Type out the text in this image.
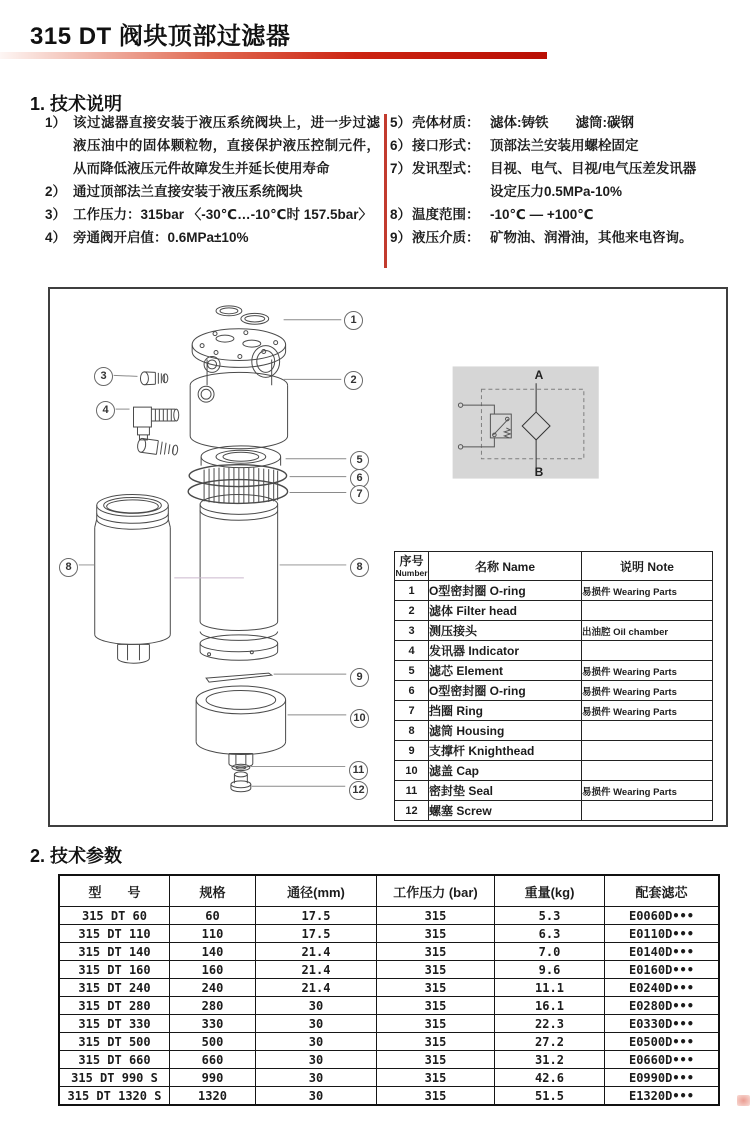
315 DT 阀块顶部过滤器
1. 技术说明
1） 该过滤器直接安装于液压系统阀块上，进一步过滤液压油中的固体颗粒物，直接保护液压控制元件，从而降低液压元件故障发生并延长使用寿命
2） 通过顶部法兰直接安装于液压系统阀块
3） 工作压力：315bar 〈-30℃…-10℃时 157.5bar〉
4） 旁通阀开启值：0.6MPa±10%
5） 壳体材质： 滤体:铸铁　　滤筒:碳钢
6） 接口形式： 顶部法兰安装用螺栓固定
7） 发讯型式： 目视、电气、目视/电气压差发讯器
设定压力0.5MPa-10%
8） 温度范围： -10℃ — +100℃
9） 液压介质： 矿物油、润滑油，其他来电咨询。
A
B
1
2
3
4
5
6
7
8	8
9
10
11
12
序号
Number	名称 Name	说明 Note
1	O型密封圈 O-ring	易损件 Wearing Parts
2	滤体 Filter head	
3	测压接头	出油腔 Oil chamber
4	发讯器 Indicator	
5	滤芯 Element	易损件 Wearing Parts
6	O型密封圈 O-ring	易损件 Wearing Parts
7	挡圈 Ring	易损件 Wearing Parts
8	滤筒 Housing	
9	支撑杆 Knighthead	
10	滤盖 Cap	
11	密封垫 Seal	易损件 Wearing Parts
12	螺塞 Screw	
2. 技术参数
型　　号	规格	通径(mm)	工作压力 (bar)	重量(kg)	配套滤芯
315 DT 60	60	17.5	315	5.3	E0060D•••
315 DT 110	110	17.5	315	6.3	E0110D•••
315 DT 140	140	21.4	315	7.0	E0140D•••
315 DT 160	160	21.4	315	9.6	E0160D•••
315 DT 240	240	21.4	315	11.1	E0240D•••
315 DT 280	280	30	315	16.1	E0280D•••
315 DT 330	330	30	315	22.3	E0330D•••
315 DT 500	500	30	315	27.2	E0500D•••
315 DT 660	660	30	315	31.2	E0660D•••
315 DT 990 S	990	30	315	42.6	E0990D•••
315 DT 1320 S	1320	30	315	51.5	E1320D•••
